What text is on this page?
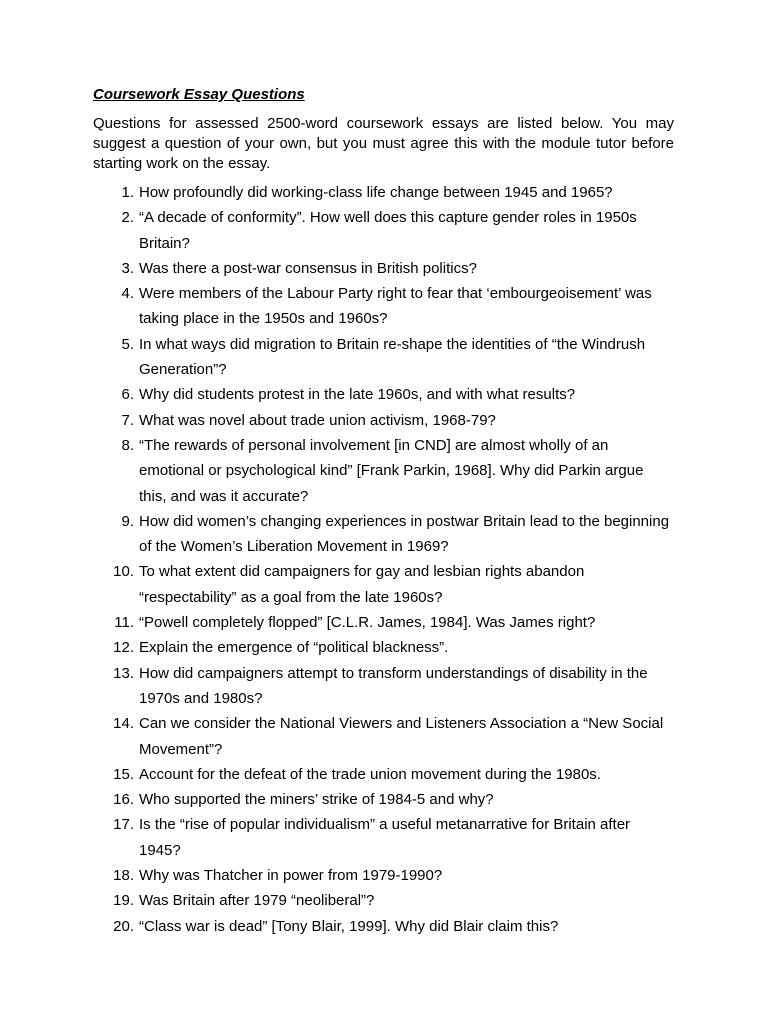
Coursework Essay Questions
Questions for assessed 2500-word coursework essays are listed below. You may suggest a question of your own, but you must agree this with the module tutor before starting work on the essay.
1 . How profoundly did working-class life change between 1945 and 1965?
2 . “A decade of conformity”. How well does this capture gender roles in 1950s Britain?
3 . Was there a post-war consensus in British politics?
4 . Were members of the Labour Party right to fear that ‘embourgeoisement’ was taking place in the 1950s and 1960s?
5 . In what ways did migration to Britain re-shape the identities of “the Windrush Generation”?
6 . Why did students protest in the late 1960s, and with what results?
7 . What was novel about trade union activism, 1968-79?
8 . “The rewards of personal involvement [in CND] are almost wholly of an emotional or psychological kind” [Frank Parkin, 1968]. Why did Parkin argue this, and was it accurate?
9 . How did women’s changing experiences in postwar Britain lead to the beginning of the Women’s Liberation Movement in 1969?
10 . To what extent did campaigners for gay and lesbian rights abandon “respectability” as a goal from the late 1960s?
11 . “Powell completely flopped” [C.L.R. James, 1984]. Was James right?
12 . Explain the emergence of “political blackness”.
13 . How did campaigners attempt to transform understandings of disability in the 1970s and 1980s?
14 . Can we consider the National Viewers and Listeners Association a “New Social Movement”?
15 . Account for the defeat of the trade union movement during the 1980s.
16 . Who supported the miners’ strike of 1984-5 and why?
17 . Is the “rise of popular individualism” a useful metanarrative for Britain after 1945?
18 . Why was Thatcher in power from 1979-1990?
19 . Was Britain after 1979 “neoliberal”?
20 . “Class war is dead” [Tony Blair, 1999]. Why did Blair claim this?
